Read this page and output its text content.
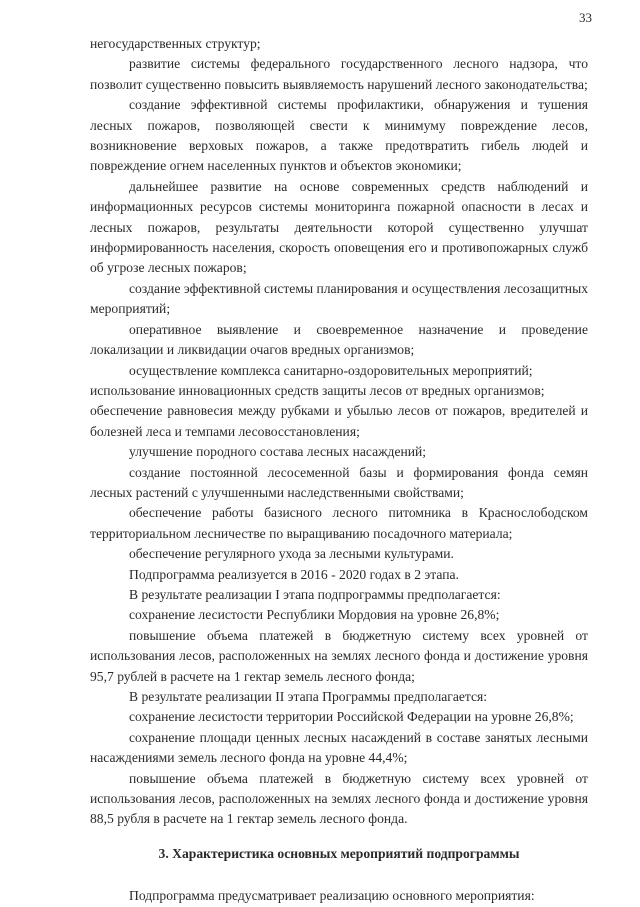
33

негосударственных структур;

развитие системы федерального государственного лесного надзора, что позволит существенно повысить выявляемость нарушений лесного законодательства;

создание эффективной системы профилактики, обнаружения и тушения лесных пожаров, позволяющей свести к минимуму повреждение лесов, возникновение верховых пожаров, а также предотвратить гибель людей и повреждение огнем населенных пунктов и объектов экономики;

дальнейшее развитие на основе современных средств наблюдений и информационных ресурсов системы мониторинга пожарной опасности в лесах и лесных пожаров, результаты деятельности которой существенно улучшат информированность населения, скорость оповещения его и противопожарных служб об угрозе лесных пожаров;

создание эффективной системы планирования и осуществления лесозащитных мероприятий;

оперативное выявление и своевременное назначение и проведение локализации и ликвидации очагов вредных организмов;

осуществление комплекса санитарно-оздоровительных мероприятий;

использование инновационных средств защиты лесов от вредных организмов;

обеспечение равновесия между рубками и убылью лесов от пожаров, вредителей и болезней леса и темпами лесовосстановления;

улучшение породного состава лесных насаждений;

создание постоянной лесосеменной базы и формирования фонда семян лесных растений с улучшенными наследственными свойствами;

обеспечение работы базисного лесного питомника в Краснослободском территориальном лесничестве по выращиванию посадочного материала;

обеспечение регулярного ухода за лесными культурами.

Подпрограмма реализуется в 2016 - 2020 годах в 2 этапа.

В результате реализации I этапа подпрограммы предполагается:

сохранение лесистости Республики Мордовия на уровне 26,8%;

повышение объема платежей в бюджетную систему всех уровней от использования лесов, расположенных на землях лесного фонда и достижение уровня 95,7 рублей в расчете на 1 гектар земель лесного фонда;

В результате реализации II этапа Программы предполагается:

сохранение лесистости территории Российской Федерации на уровне 26,8%;

сохранение площади ценных лесных насаждений в составе занятых лесными насаждениями земель лесного фонда на уровне 44,4%;

повышение объема платежей в бюджетную систему всех уровней от использования лесов, расположенных на землях лесного фонда и достижение уровня 88,5 рубля в расчете на 1 гектар земель лесного фонда.

3. Характеристика основных мероприятий подпрограммы

Подпрограмма предусматривает реализацию основного мероприятия:
